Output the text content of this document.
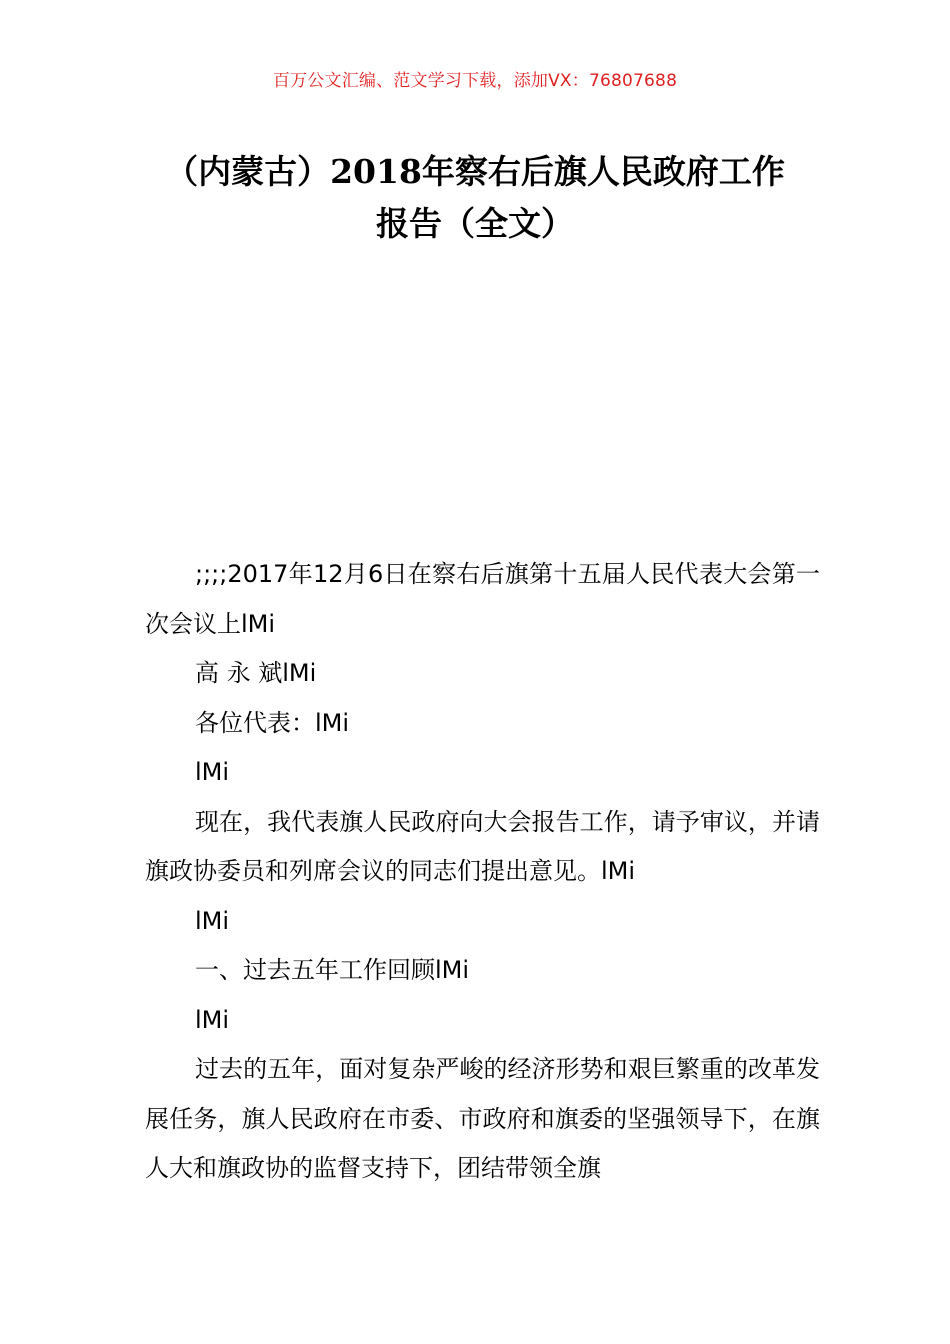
百万公文汇编、范文学习下载，添加VX：76807688
（内蒙古）2018年察右后旗人民政府工作
报告（全文）

;;;;2017年12月6日在察右后旗第十五届人民代表大会第一次会议上lMi

高 永 斌lMi

各位代表：lMi

lMi

现在，我代表旗人民政府向大会报告工作，请予审议，并请旗政协委员和列席会议的同志们提出意见。lMi

lMi

一、过去五年工作回顾lMi

lMi

过去的五年，面对复杂严峻的经济形势和艰巨繁重的改革发展任务，旗人民政府在市委、市政府和旗委的坚强领导下，在旗人大和旗政协的监督支持下，团结带领全旗
